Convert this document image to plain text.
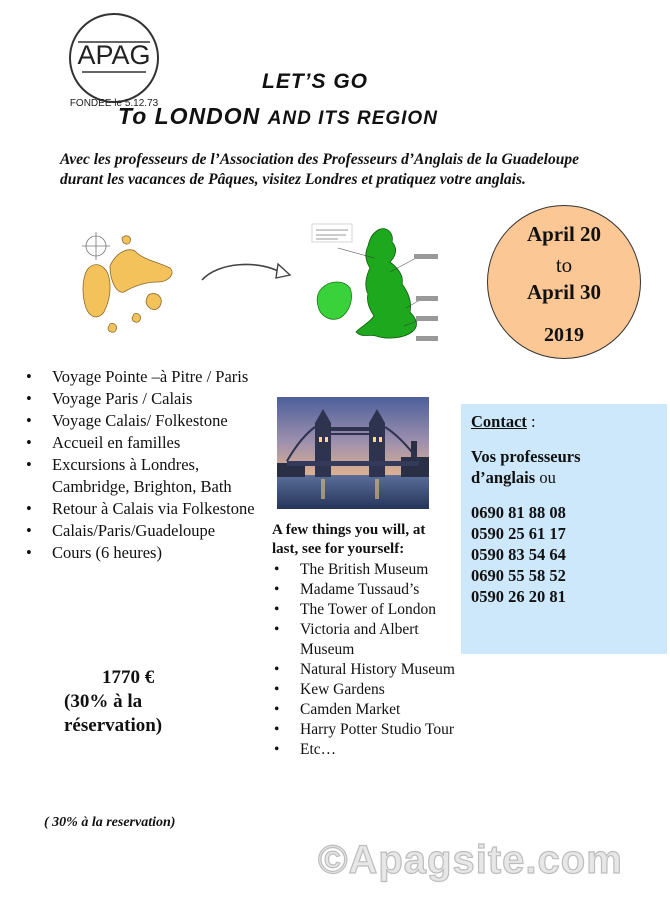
APAG
FONDEE le 5.12.73
LET’S GO
To LONDON AND ITS REGION
Avec les professeurs de l’Association des Professeurs d’Anglais de la Guadeloupe
durant les vacances de Pâques, visitez Londres et pratiquez votre anglais.
April 20
to
April 30
2019
• Voyage Pointe –à Pitre / Paris
• Voyage Paris / Calais
• Voyage Calais/ Folkestone
• Accueil en familles
• Excursions à Londres, Cambridge, Brighton, Bath
• Retour à Calais via Folkestone
• Calais/Paris/Guadeloupe
• Cours (6 heures)
1770 €
(30% à la
réservation)
( 30% à la reservation)
A few things you will, at
last, see for yourself:
• The British Museum
• Madame Tussaud’s
• The Tower of London
• Victoria and Albert Museum
• Natural History Museum
• Kew Gardens
• Camden Market
• Harry Potter Studio Tour
• Etc…
Contact :
Vos professeurs
d’anglais ou
0690 81 88 08
0590 25 61 17
0590 83 54 64
0690 55 58 52
0590 26 20 81
©Apagsite.com
